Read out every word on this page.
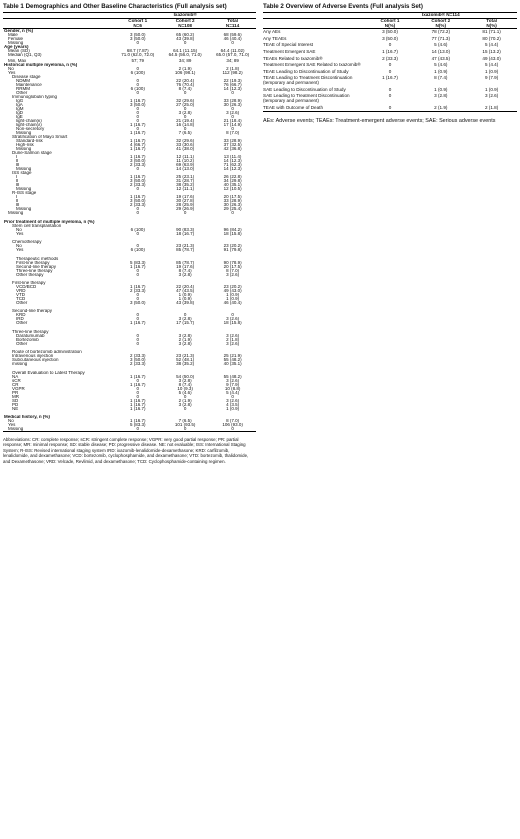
Table 1 Demographics and Other Baseline Characteristics (Full analysis set)
	Ixazomib®		
	Cohort 1	Cohort 2	Total
	N=6	N=108	N=114
Gender, n (%)			
Male	3 (50.0)	65 (60.2)	68 (59.6)
Female	3 (50.0)	43 (39.8)	46 (40.4)
Missing	0	0	0
Age (years)			
Mean (SD)	68.7 (7.87)	64.1 (11.15)	64.4 (11.02)
Median (Q1, Q3)	71.0 (62.0, 72.0)	64.5 (56.0, 71.0)	65.0 (57.0, 71.0)
Min, Max	57; 79	34; 89	34; 89
Historical multiple myeloma, n (%)			
No	0	2 (1.9)	2 (1.8)
Yes	6 (100)	106 (98.1)	112 (98.2)
Disease stage			
NDMM	0	22 (20.4)	22 (19.3)
Maintenance	0	76 (70.4)	76 (66.7)
RRMM	6 (100)	8 (7.4)	14 (12.3)
Other	0	0	0
Immunoglobulin typing			
IgG	1 (16.7)	32 (29.6)	33 (28.9)
IgA	3 (50.0)	27 (25.0)	30 (26.3)
IgM	0	0	0
IgD	0	3 (2.8)	3 (2.6)
IgE	0	0	0
light-chain(κ)	0	21 (19.4)	21 (18.4)
light-chain(λ)	1 (16.7)	16 (14.8)	17 (14.9)
Non-secretory	0	0	0
Missing	1 (16.7)	7 (6.5)	8 (7.0)
Stratification of Mayo Smart			
Standard-risk	1 (16.7)	32 (29.6)	33 (28.9)
High-risk	4 (66.7)	33 (30.6)	37 (32.5)
Missing	1 (16.7)	41 (38.0)	42 (36.8)
Durie-Salmon stage			
Ⅰ	1 (16.7)	12 (11.1)	13 (11.4)
Ⅱ	3 (50.0)	11 (10.2)	14 (12.3)
Ⅲ	2 (33.3)	69 (63.9)	71 (62.3)
Missing	0	14 (13.0)	14 (12.3)
ISS stage			
Ⅰ	1 (16.7)	25 (23.1)	26 (22.8)
Ⅱ	3 (50.0)	31 (28.7)	34 (29.8)
Ⅲ	2 (33.3)	38 (35.2)	40 (35.1)
Missing	0	12 (11.1)	12 (10.5)
R-ISS stage			
Ⅰ	1 (16.7)	19 (17.6)	20 (17.5)
Ⅱ	3 (50.0)	30 (27.8)	33 (28.9)
Ⅲ	2 (33.3)	28 (25.9)	30 (26.3)
Missing	0	29 (26.9)	29 (25.4)
Missing	0	0	0

Prior treatment of multiple myeloma, n (%)			
Stem cell transplantation			
No	6 (100)	90 (83.3)	96 (84.2)
Yes	0	18 (16.7)	18 (15.8)

Chemotherapy			
No	0	23 (21.3)	23 (20.2)
Yes	6 (100)	85 (78.7)	91 (79.8)

Therapeutic methods			
First-line therapy	5 (83.3)	85 (78.7)	90 (78.9)
Second-line therapy	1 (16.7)	19 (17.6)	20 (17.5)
Three-line therapy	0	8 (7.4)	8 (7.0)
Other therapy	0	3 (2.8)	3 (2.6)

First-line therapy			
VCD/BCD	1 (16.7)	22 (20.4)	23 (20.2)
VRD	2 (33.3)	47 (43.5)	49 (43.0)
VTD	0	1 (0.9)	1 (0.9)
TCD	0	1 (0.9)	1 (0.9)
Other	3 (50.0)	43 (39.8)	46 (40.4)

Second-line therapy			
KRD	0	0	0
IRD	0	3 (2.8)	3 (2.6)
Other	1 (16.7)	17 (15.7)	18 (15.8)

Three-line therapy			
Daratumumab	0	3 (2.8)	3 (2.6)
Bortezomib	0	2 (1.9)	2 (1.8)
Other	0	3 (2.8)	3 (2.6)

Route of bortezomib administration			
Intravenous injection	2 (33.3)	23 (21.3)	25 (21.9)
Subcutaneous injection	3 (50.0)	52 (48.1)	55 (48.2)
missing	2 (33.3)	38 (35.2)	40 (35.1)

Overall Evaluation to Latest Therapy			
NA	1 (16.7)	54 (50.0)	55 (48.2)
sCR	0	3 (2.8)	3 (2.6)
CR	1 (16.7)	8 (7.4)	9 (7.9)
VGPR	0	10 (9.3)	10 (8.8)
PR	0	5 (4.6)	5 (4.4)
MR	0	0	0
SD	1 (16.7)	2 (1.9)	3 (2.6)
PD	1 (16.7)	3 (2.8)	4 (3.5)
NE	1 (16.7)	0	1 (0.9)

Medical history, n (%)			
No	1 (16.7)	7 (6.5)	8 (7.0)
Yes	5 (83.3)	101 (93.5)	106 (93.0)
Missing	0	0	0
Abbreviations: CR: complete response; sCR: stringent complete response; VGPR: very good partial response; PR: partial response; MR: minimal response; SD: stable disease; PD: progressive disease. NE: not evaluable; ISS: International Staging System; R-ISS: Revised international staging system IRD: ixazomib-lenalidomide-dexamethasone; KRD: carfilzomib, lenalidomide, and dexamethasone; VCD: bortezomib, cyclophosphamide, and dexamethasone; VTD: bortezomib, thalidomide, and Dexamethasone; VRD: Velcade, Revlimid, and dexamethasone; TCD: Cyclophosphamide-containing regimen.
Table 2 Overview of Adverse Events (Full analysis Set)
	Ixazomib® N=114		
	Cohort 1	Cohort 2	Total
	N(%)	N(%)	N(%)
Any AEs	3 (50.0)	78 (72.2)	81 (71.1)
Any TEAEs	3 (50.0)	77 (71.3)	80 (70.2)
TEAE of Special Interest	0	5 (4.6)	5 (4.4)
Treatment Emergent SAE	1 (16.7)	14 (13.0)	15 (13.2)
TEAEs Related to Ixazomib®	2 (33.3)	47 (43.5)	49 (43.0)
Treatment Emergent SAE Related to Ixazomib®	0	5 (4.6)	5 (4.4)
TEAE Leading to Discontinuation of Study	0	1 (0.9)	1 (0.9)
TEAE Leading to Treatment Discontinuation (temporary and permanent)	1 (16.7)	8 (7.4)	9 (7.9)
SAE Leading to Discontinuation of Study	0	1 (0.9)	1 (0.9)
SAE Leading to Treatment Discontinuation (temporary and permanent)	0	3 (2.8)	3 (2.6)
TEAE with Outcome of Death	0	2 (1.9)	2 (1.8)
AEs: Adverse events; TEAEs: Treatment-emergent adverse events; SAE: Serious adverse events
